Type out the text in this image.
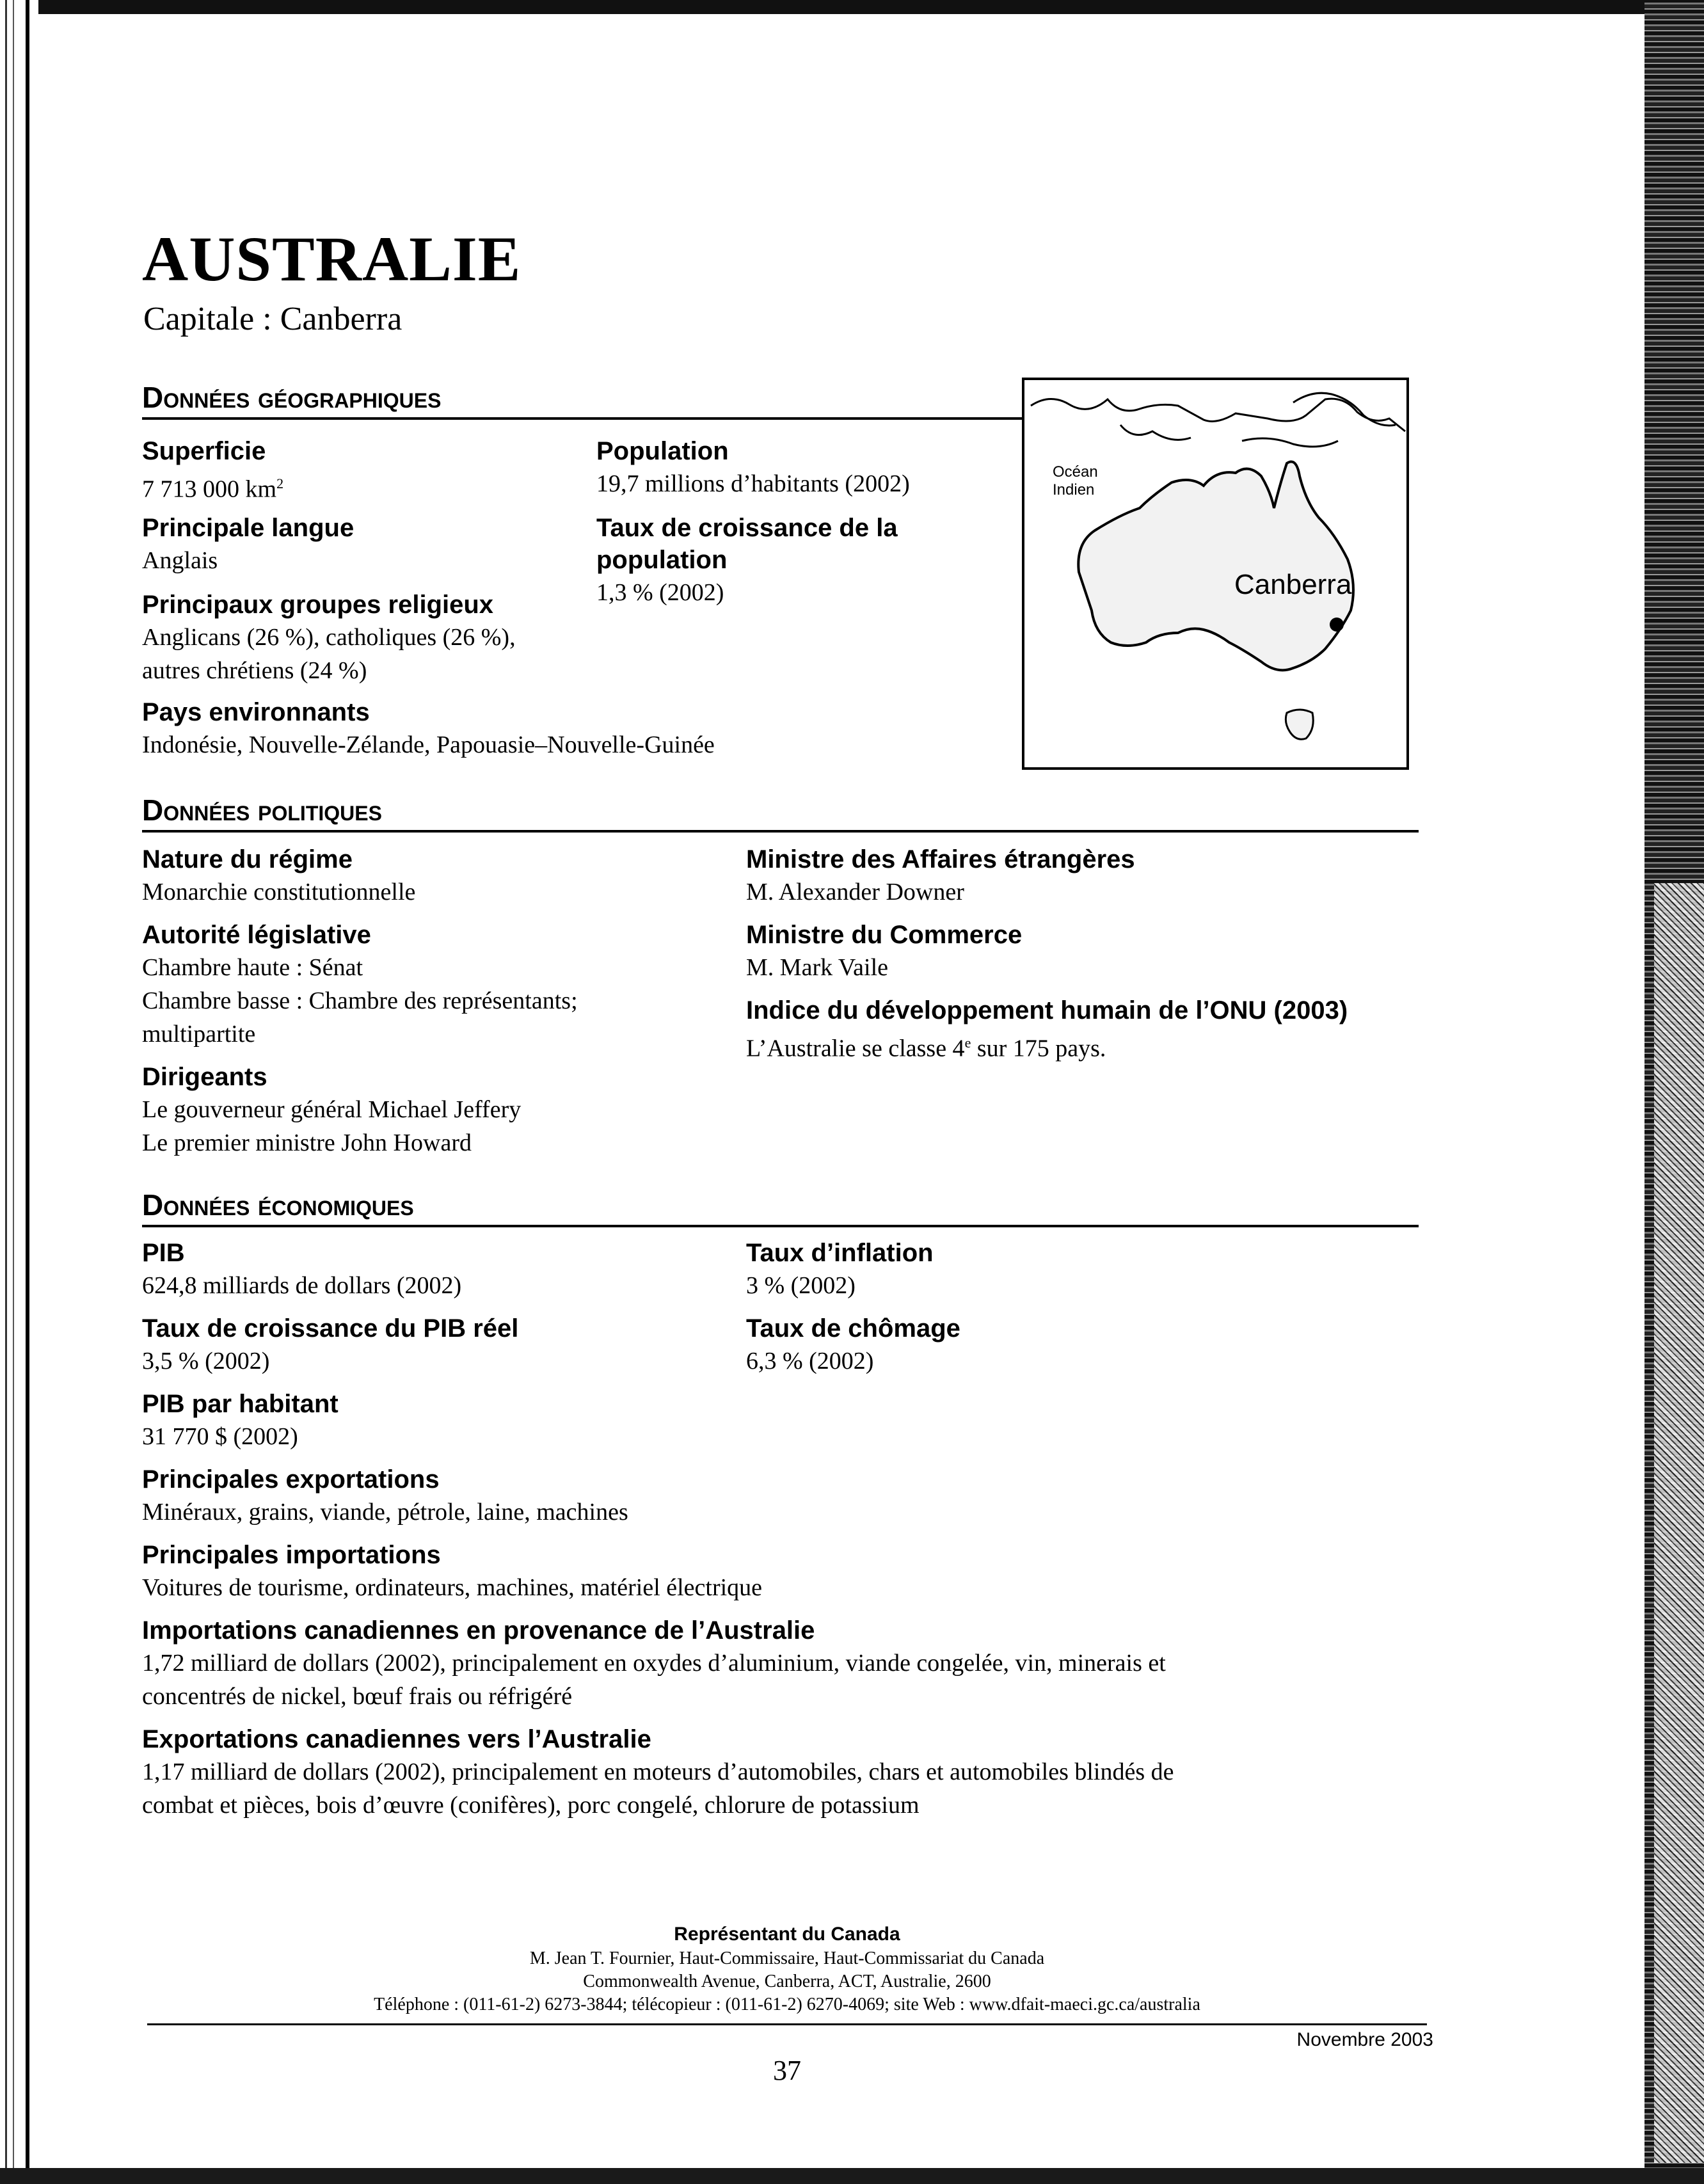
AUSTRALIE
Capitale : Canberra
Données géographiques
Superficie
7 713 000 $km^2$
Principale langue
Anglais
Principaux groupes religieux
Anglicans (26 %), catholiques (26 %),
autres chrétiens (24 %)
Population
19,7 millions d’habitants (2002)
Taux de croissance de la
population
1,3 % (2002)
Pays environnants
Indonésie, Nouvelle-Zélande, Papouasie–Nouvelle-Guinée
Océan
Indien
Canberra
Données politiques
Nature du régime
Monarchie constitutionnelle
Autorité législative
Chambre haute : Sénat
Chambre basse : Chambre des représentants;
multipartite
Dirigeants
Le gouverneur général Michael Jeffery
Le premier ministre John Howard
Ministre des Affaires étrangères
M. Alexander Downer
Ministre du Commerce
M. Mark Vaile
Indice du développement humain de l’ONU (2003)
L’Australie se classe 4e sur 175 pays.
Données économiques
PIB
624,8 milliards de dollars (2002)
Taux de croissance du PIB réel
3,5 % (2002)
PIB par habitant
31 770 $ (2002)
Taux d’inflation
3 % (2002)
Taux de chômage
6,3 % (2002)
Principales exportations
Minéraux, grains, viande, pétrole, laine, machines
Principales importations
Voitures de tourisme, ordinateurs, machines, matériel électrique
Importations canadiennes en provenance de l’Australie
1,72 milliard de dollars (2002), principalement en oxydes d’aluminium, viande congelée, vin, minerais et
concentrés de nickel, bœuf frais ou réfrigéré
Exportations canadiennes vers l’Australie
1,17 milliard de dollars (2002), principalement en moteurs d’automobiles, chars et automobiles blindés de
combat et pièces, bois d’œuvre (conifères), porc congelé, chlorure de potassium
Représentant du Canada
M. Jean T. Fournier, Haut-Commissaire, Haut-Commissariat du Canada
Commonwealth Avenue, Canberra, ACT, Australie, 2600
Téléphone : (011-61-2) 6273-3844; télécopieur : (011-61-2) 6270-4069; site Web : www.dfait-maeci.gc.ca/australia
Novembre 2003
37
